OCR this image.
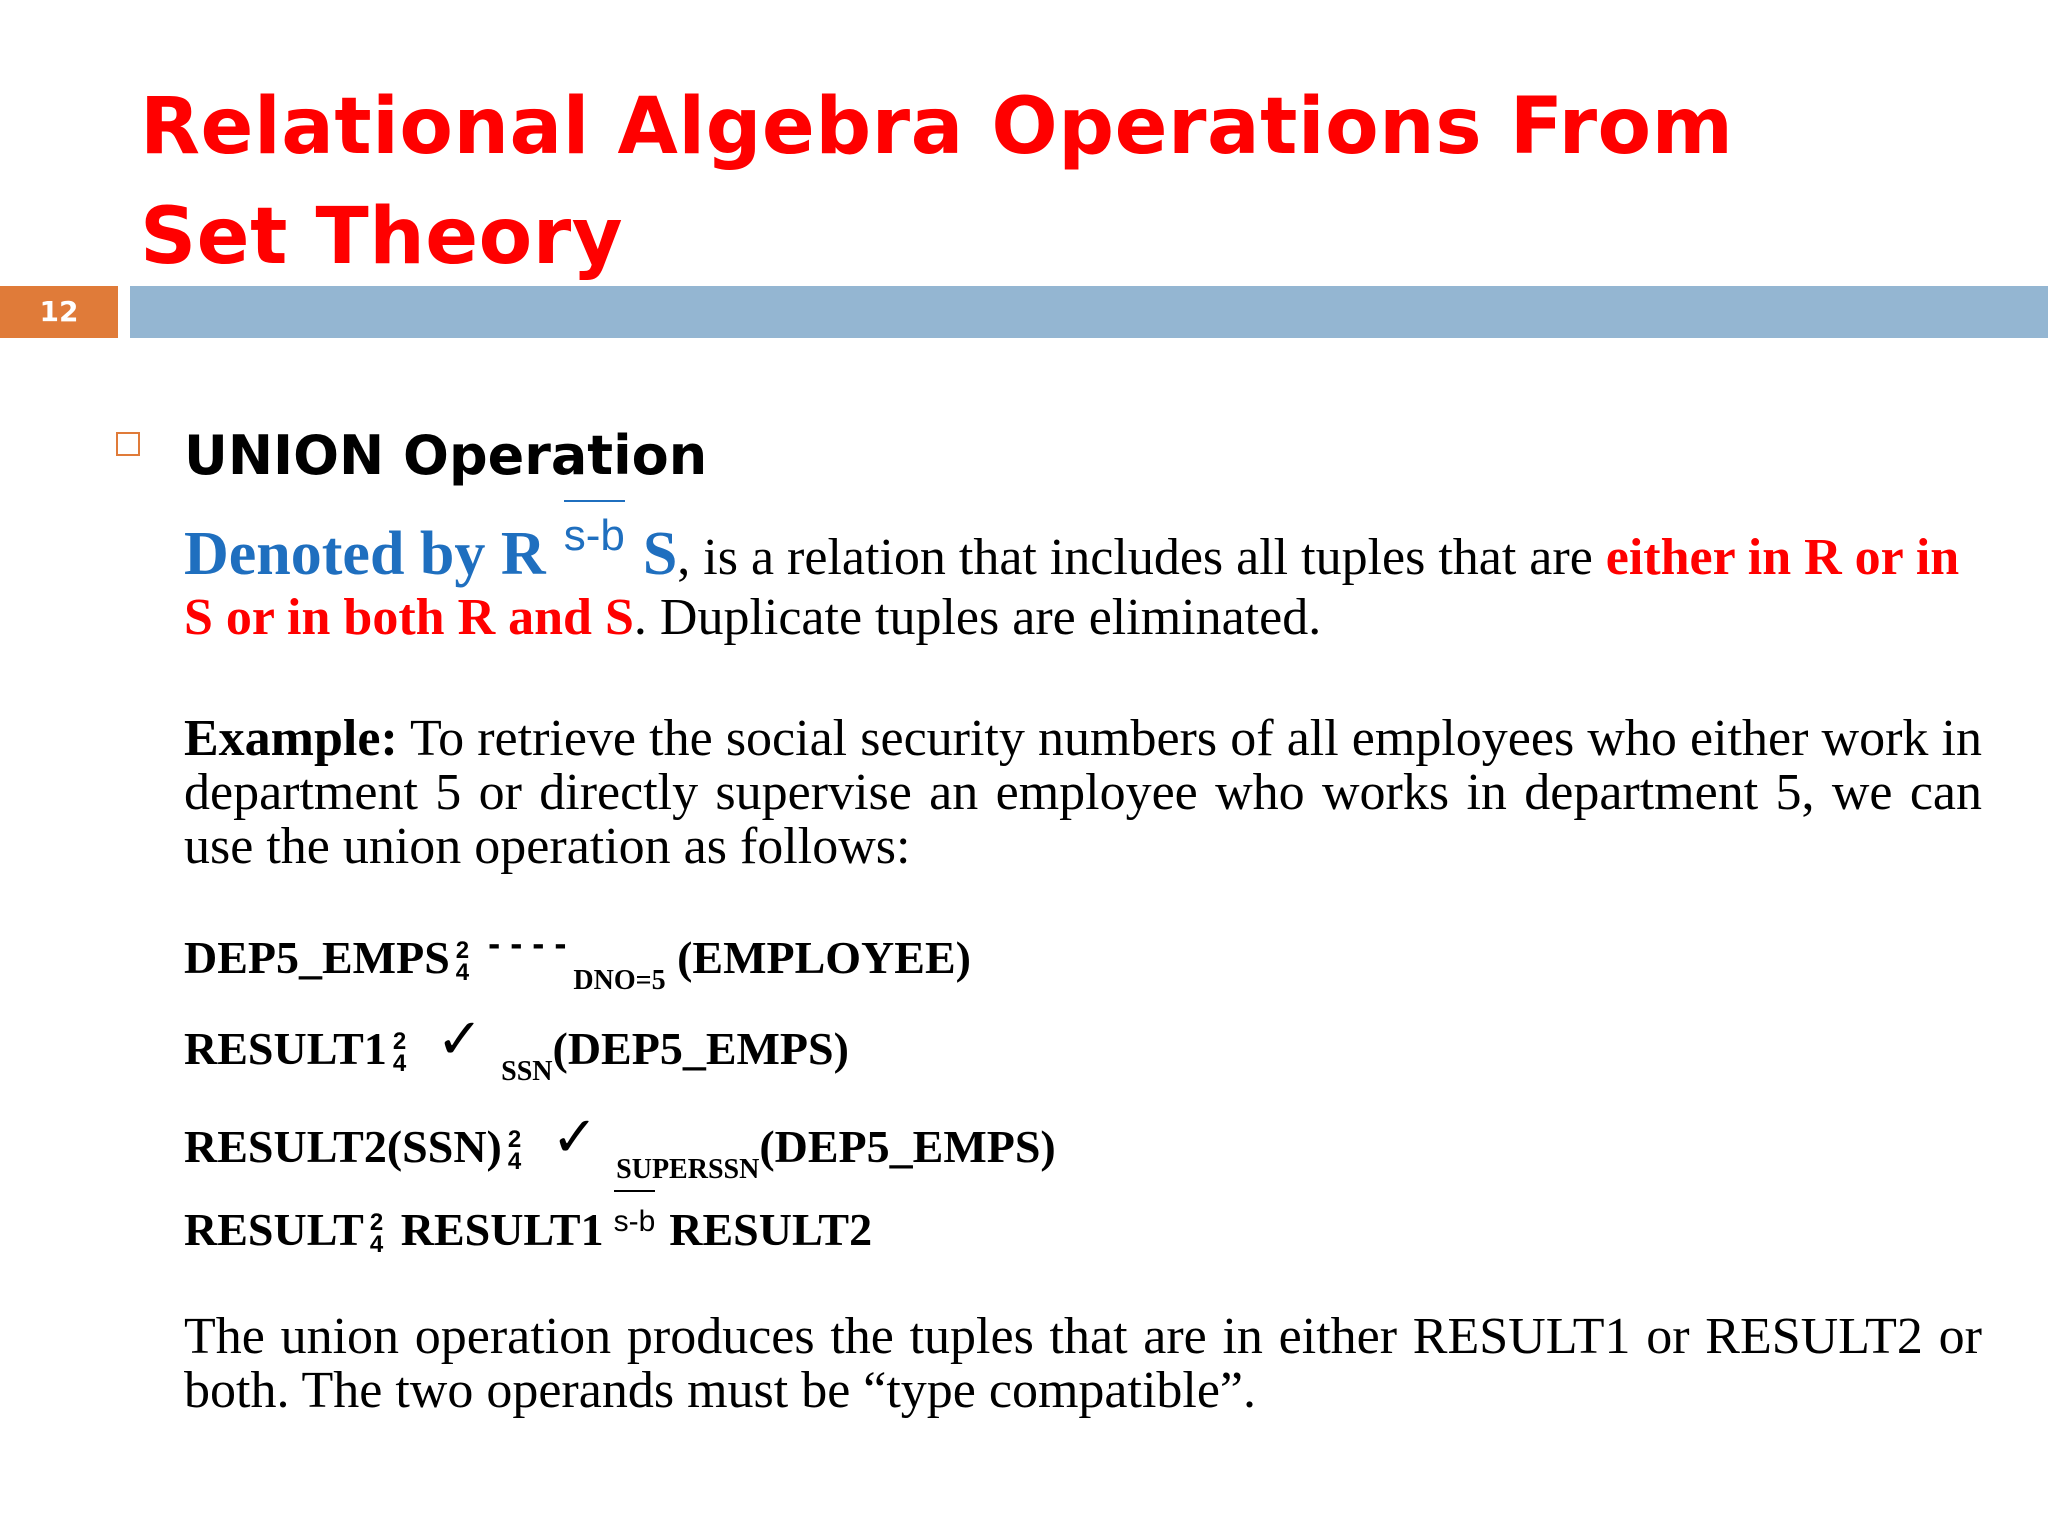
Relational Algebra Operations From
Set Theory
12
UNION Operation

Denoted by R s-b S, is a relation that includes all tuples that are either in R or in S or in both R and S. Duplicate tuples are eliminated.

Example: To retrieve the social security numbers of all employees who either work in department 5 or directly supervise an employee who works in department 5, we can use the union operation as follows:

DEP5_EMPS 2
4
----$_{DNO=5}$ (EMPLOYEE)

RESULT1 2
4 ✓ $_{SSN}$(DEP5_EMPS)

RESULT2(SSN) 2
4 ✓ $_{SUPERSSN}$(DEP5_EMPS)

RESULT 2
4 RESULT1 s-b RESULT2

The union operation produces the tuples that are in either RESULT1 or RESULT2 or both. The two operands must be “type compatible”.
